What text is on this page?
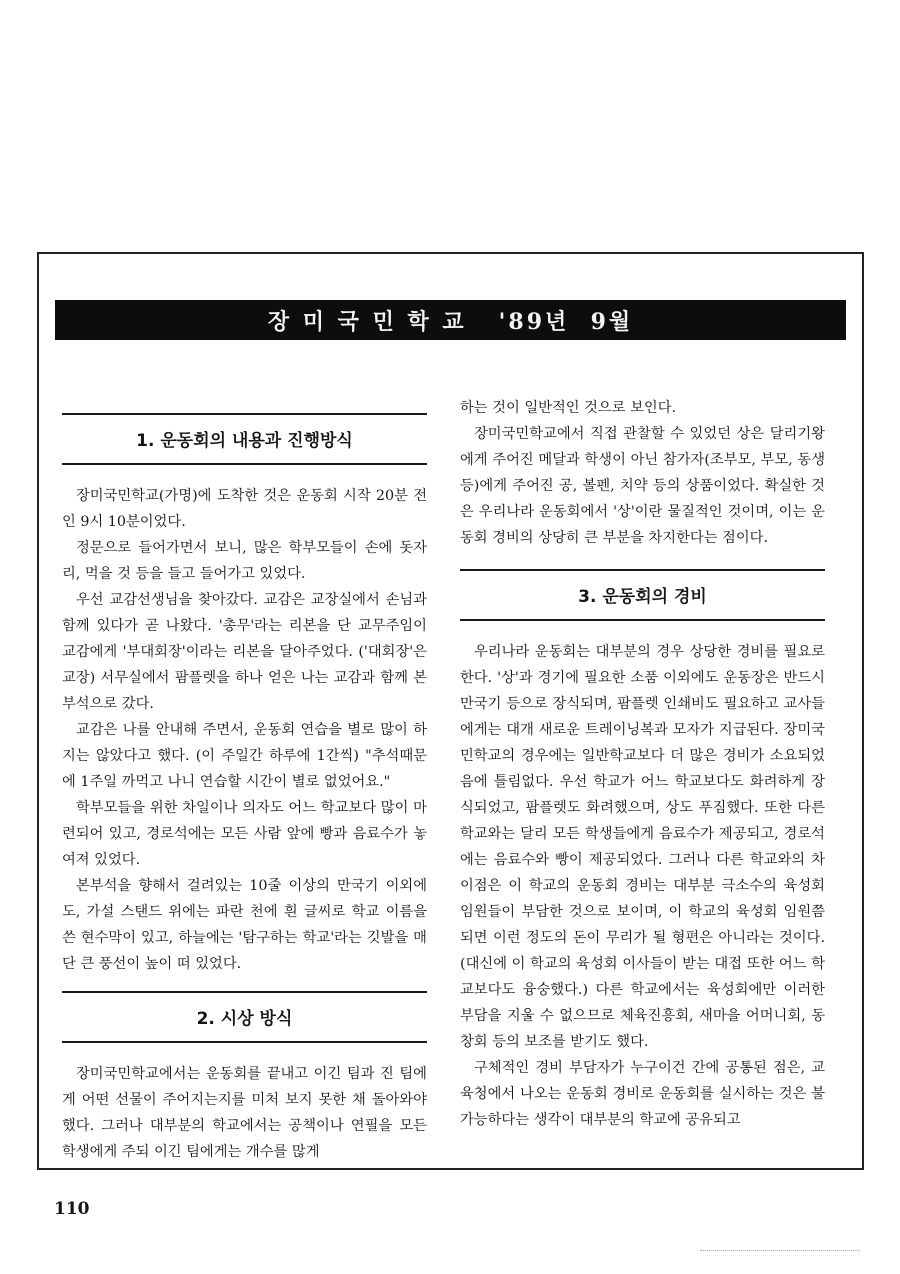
장 미 국 민 학 교   '89년  9월
1. 운동회의 내용과 진행방식

장미국민학교(가명)에 도착한 것은 운동회 시작 20분 전인 9시 10분이었다.

정문으로 들어가면서 보니, 많은 학부모들이 손에 돗자리, 먹을 것 등을 들고 들어가고 있었다.

우선 교감선생님을 찾아갔다. 교감은 교장실에서 손님과 함께 있다가 곧 나왔다. '총무'라는 리본을 단 교무주임이 교감에게 '부대회장'이라는 리본을 달아주었다. ('대회장'은 교장) 서무실에서 팜플렛을 하나 얻은 나는 교감과 함께 본부석으로 갔다.

교감은 나를 안내해 주면서, 운동회 연습을 별로 많이 하지는 않았다고 했다. (이 주일간 하루에 1간씩) "추석때문에 1주일 까먹고 나니 연습할 시간이 별로 없었어요."

학부모들을 위한 차일이나 의자도 어느 학교보다 많이 마련되어 있고, 경로석에는 모든 사람 앞에 빵과 음료수가 놓여져 있었다.

본부석을 향해서 걸려있는 10줄 이상의 만국기 이외에도, 가설 스탠드 위에는 파란 천에 흰 글씨로 학교 이름을 쓴 현수막이 있고, 하늘에는 '탐구하는 학교'라는 깃발을 매단 큰 풍선이 높이 떠 있었다.

2. 시상 방식

장미국민학교에서는 운동회를 끝내고 이긴 팀과 진 팀에게 어떤 선물이 주어지는지를 미처 보지 못한 채 돌아와야 했다. 그러나 대부분의 학교에서는 공책이나 연필을 모든 학생에게 주되 이긴 팀에게는 개수를 많게

하는 것이 일반적인 것으로 보인다.

장미국민학교에서 직접 관찰할 수 있었던 상은 달리기왕에게 주어진 메달과 학생이 아닌 참가자(조부모, 부모, 동생 등)에게 주어진 공, 볼펜, 치약 등의 상품이었다. 확실한 것은 우리나라 운동회에서 '상'이란 물질적인 것이며, 이는 운동회 경비의 상당히 큰 부분을 차지한다는 점이다.

3. 운동회의 경비

우리나라 운동회는 대부분의 경우 상당한 경비를 필요로 한다. '상'과 경기에 필요한 소품 이외에도 운동장은 반드시 만국기 등으로 장식되며, 팜플렛 인쇄비도 필요하고 교사들에게는 대개 새로운 트레이닝복과 모자가 지급된다. 장미국민학교의 경우에는 일반학교보다 더 많은 경비가 소요되었음에 틀림없다. 우선 학교가 어느 학교보다도 화려하게 장식되었고, 팜플렛도 화려했으며, 상도 푸짐했다. 또한 다른 학교와는 달리 모든 학생들에게 음료수가 제공되고, 경로석에는 음료수와 빵이 제공되었다. 그러나 다른 학교와의 차이점은 이 학교의 운동회 경비는 대부분 극소수의 육성회 임원들이 부담한 것으로 보이며, 이 학교의 육성회 임원쯤 되면 이런 정도의 돈이 무리가 될 형편은 아니라는 것이다. (대신에 이 학교의 육성회 이사들이 받는 대접 또한 어느 학교보다도 융숭했다.) 다른 학교에서는 육성회에만 이러한 부담을 지울 수 없으므로 체육진흥회, 새마을 어머니회, 동창회 등의 보조를 받기도 했다.

구체적인 경비 부담자가 누구이건 간에 공통된 점은, 교육청에서 나오는 운동회 경비로 운동회를 실시하는 것은 불가능하다는 생각이 대부분의 학교에 공유되고

110
